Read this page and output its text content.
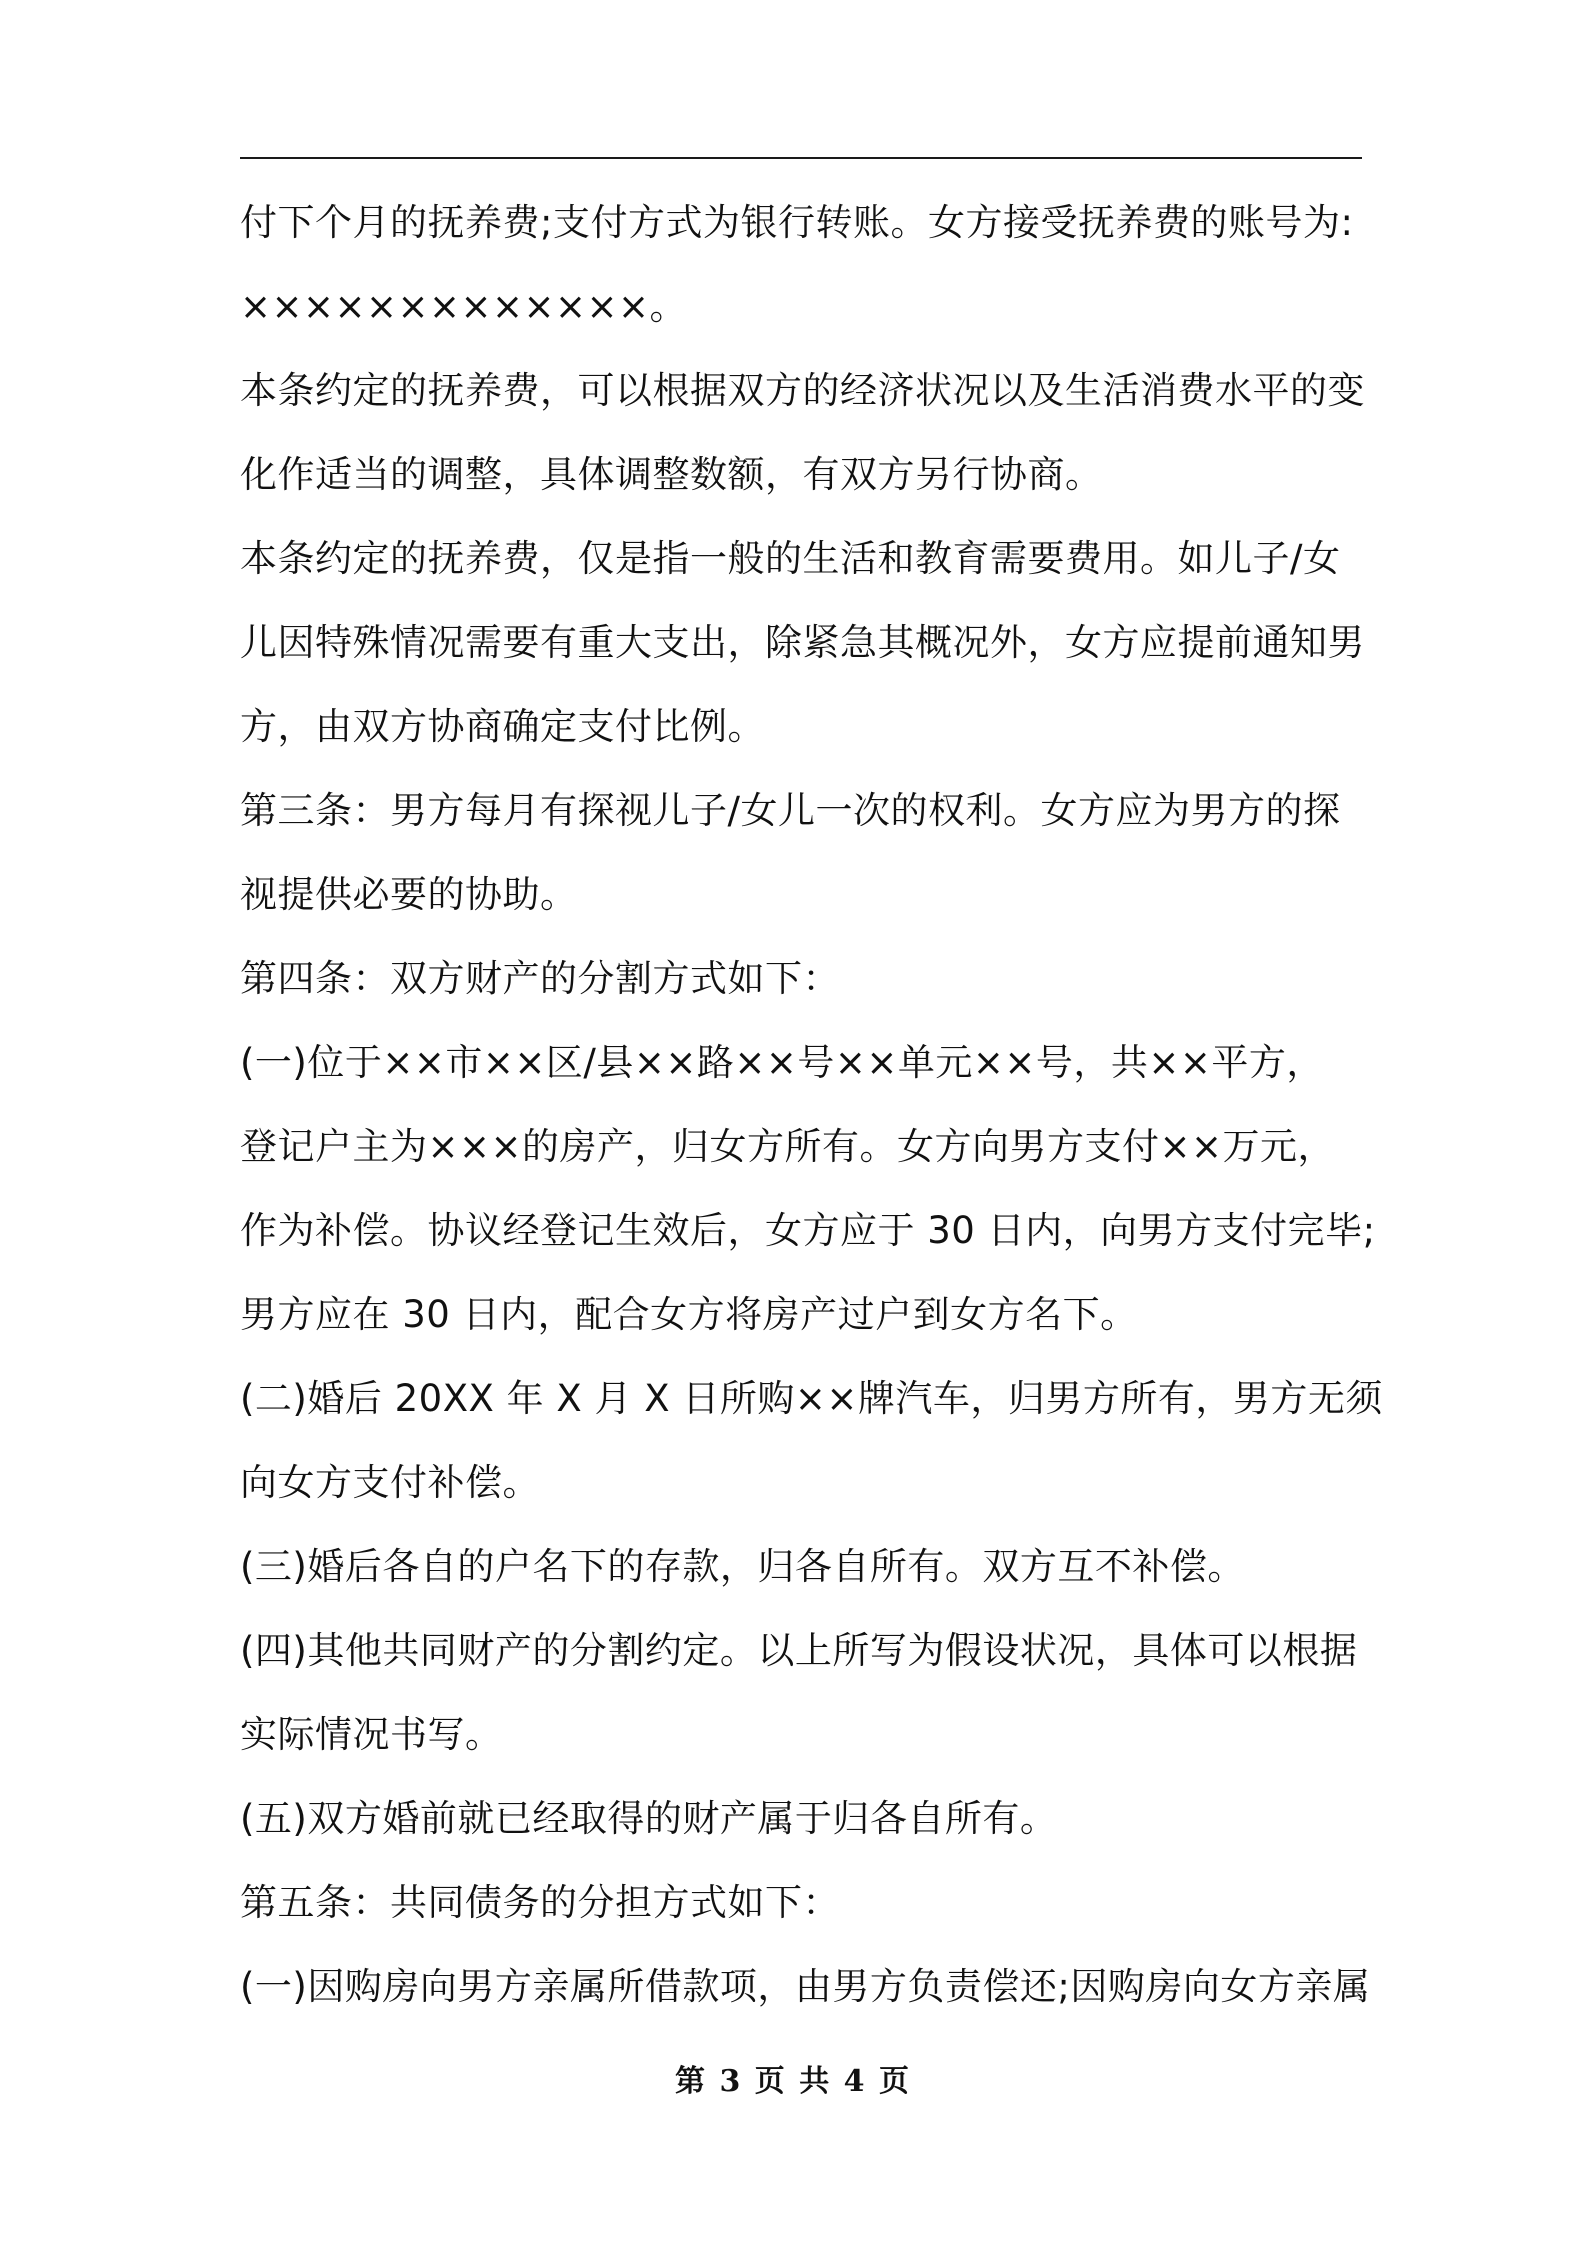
付下个月的抚养费;支付方式为银行转账。女方接受抚养费的账号为:
×××××××××××××。
本条约定的抚养费，可以根据双方的经济状况以及生活消费水平的变
化作适当的调整，具体调整数额，有双方另行协商。
本条约定的抚养费，仅是指一般的生活和教育需要费用。如儿子/女
儿因特殊情况需要有重大支出，除紧急其概况外，女方应提前通知男
方，由双方协商确定支付比例。
第三条：男方每月有探视儿子/女儿一次的权利。女方应为男方的探
视提供必要的协助。
第四条：双方财产的分割方式如下：
(一)位于××市××区/县××路××号××单元××号，共××平方，
登记户主为×××的房产，归女方所有。女方向男方支付××万元，
作为补偿。协议经登记生效后，女方应于 30 日内，向男方支付完毕;
男方应在 30 日内，配合女方将房产过户到女方名下。
(二)婚后 20XX 年 X 月 X 日所购××牌汽车，归男方所有，男方无须
向女方支付补偿。
(三)婚后各自的户名下的存款，归各自所有。双方互不补偿。
(四)其他共同财产的分割约定。以上所写为假设状况，具体可以根据
实际情况书写。
(五)双方婚前就已经取得的财产属于归各自所有。
第五条：共同债务的分担方式如下：
(一)因购房向男方亲属所借款项，由男方负责偿还;因购房向女方亲属
第 3 页 共 4 页
